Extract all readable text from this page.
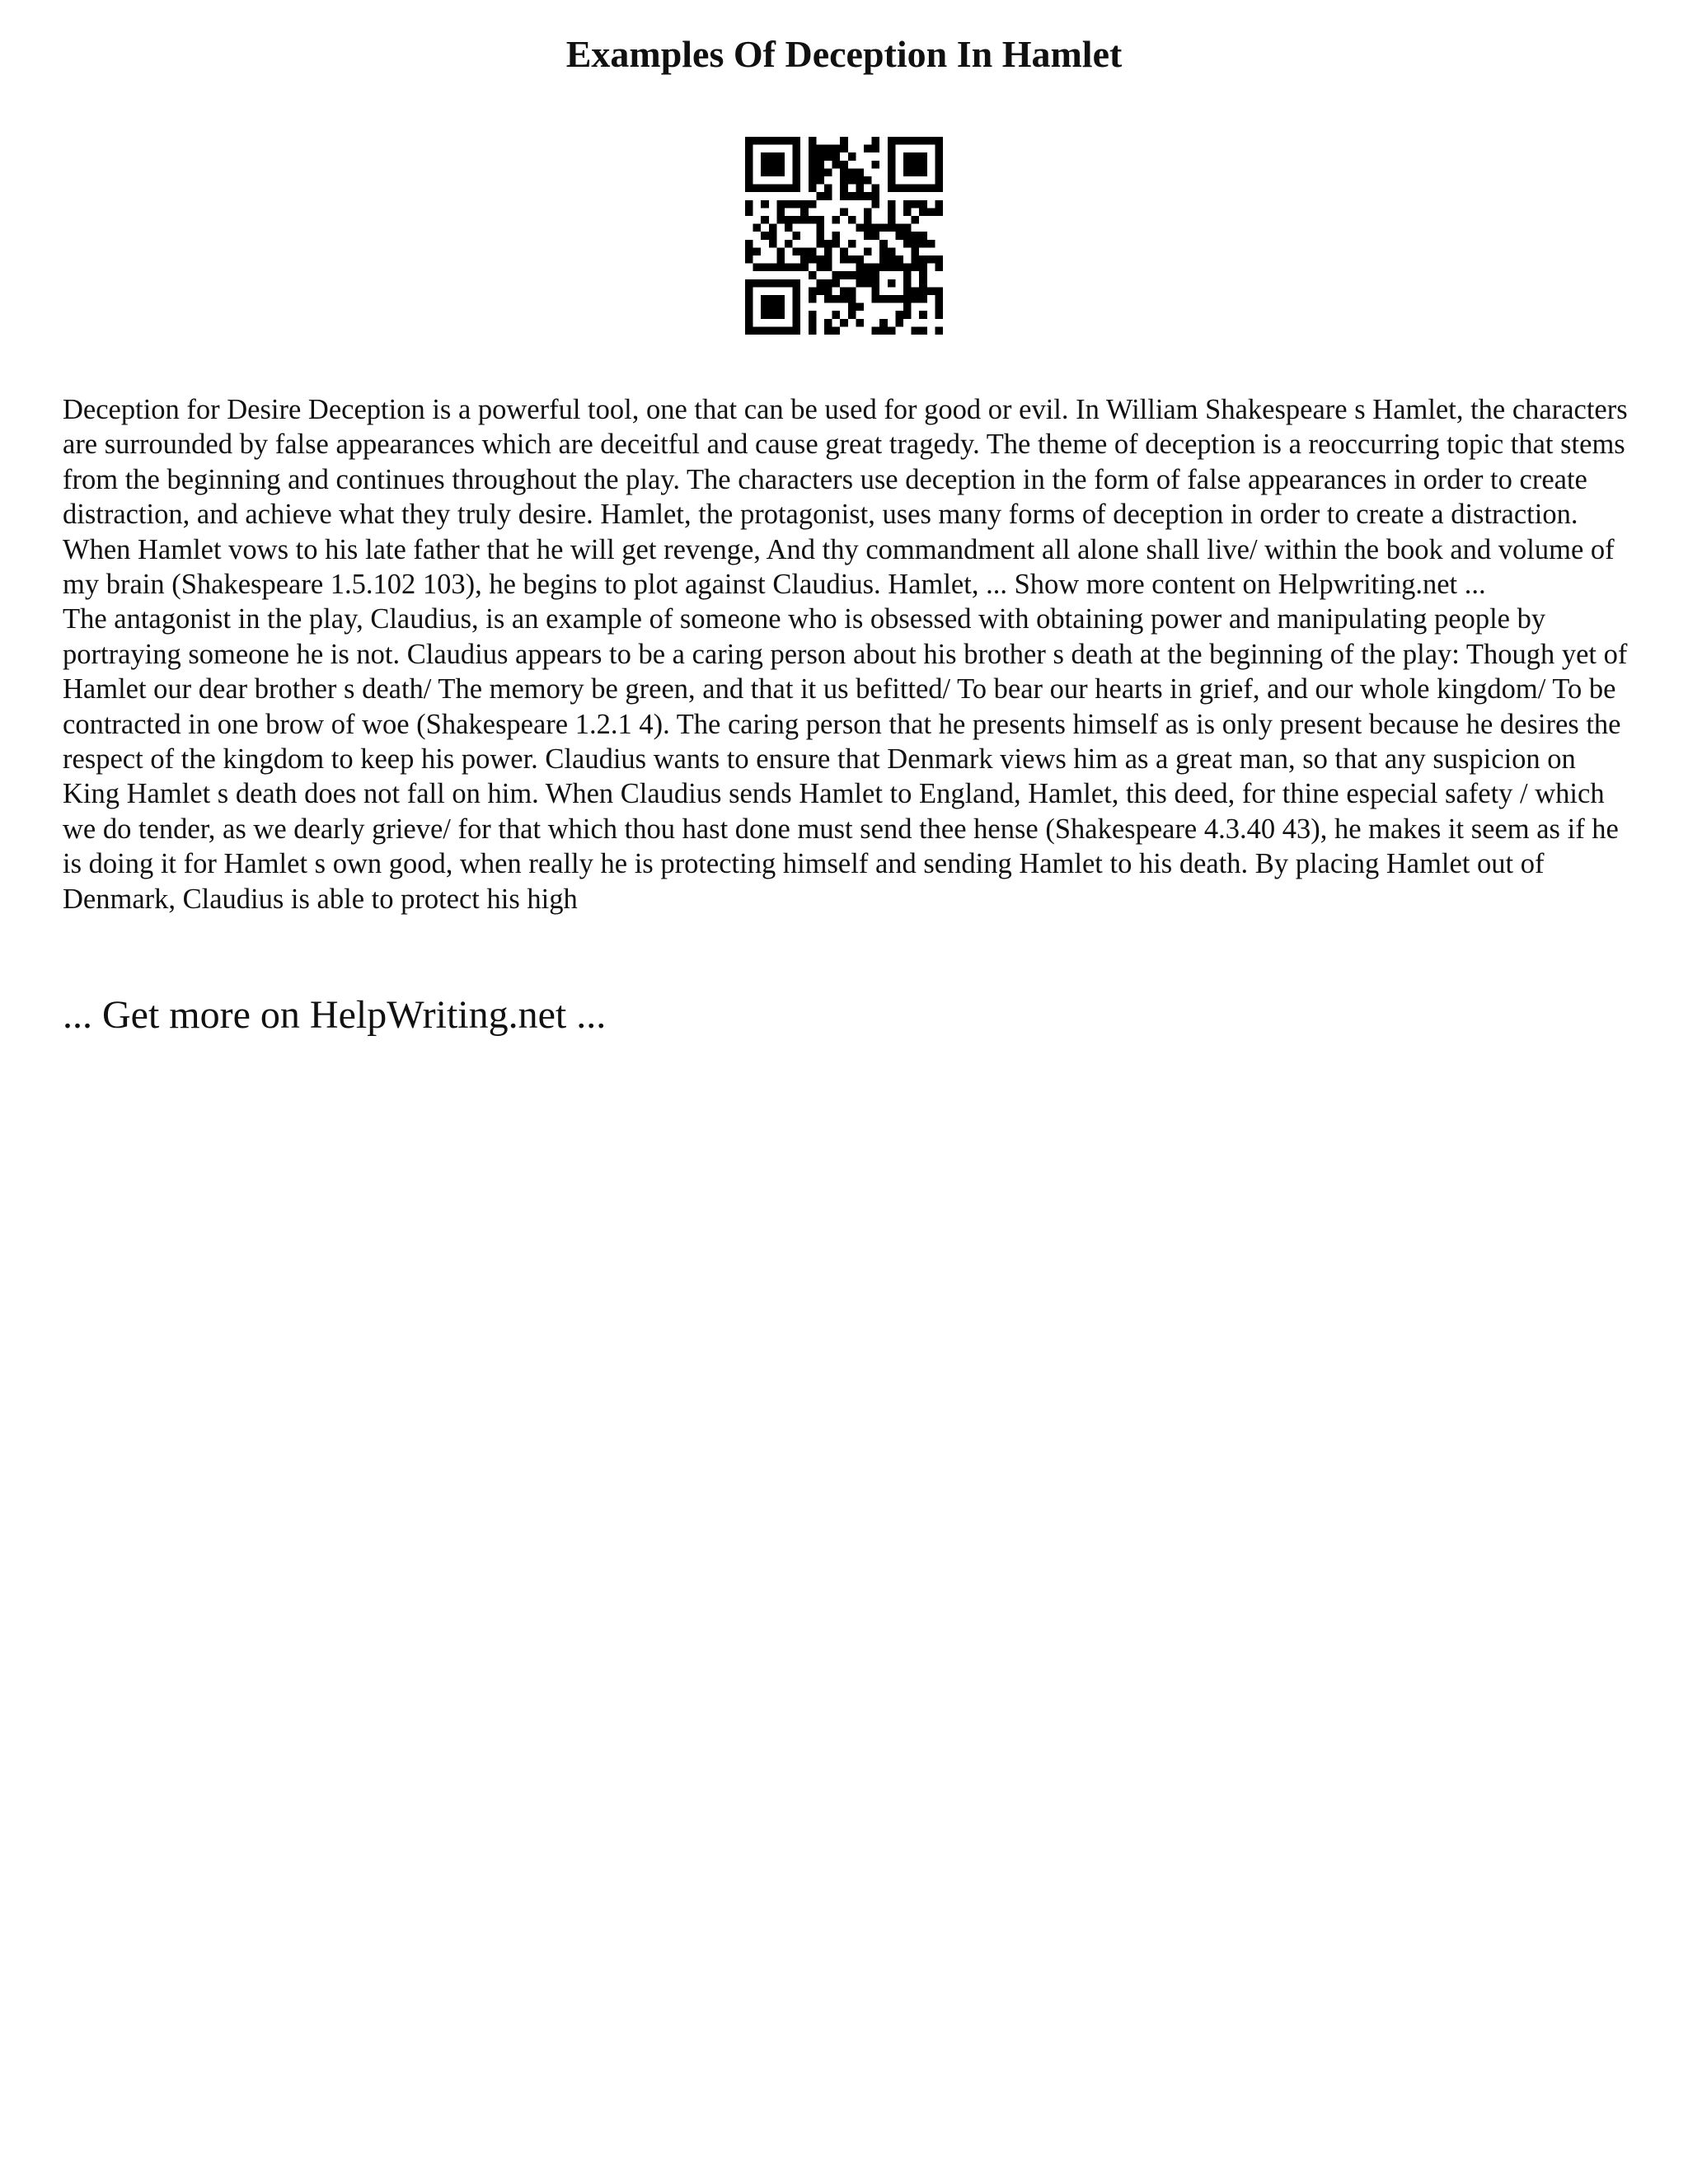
Examples Of Deception In Hamlet

Deception for Desire Deception is a powerful tool, one that can be used for good or evil. In William Shakespeare s Hamlet, the characters are surrounded by false appearances which are deceitful and cause great tragedy. The theme of deception is a reoccurring topic that stems from the beginning and continues throughout the play. The characters use deception in the form of false appearances in order to create distraction, and achieve what they truly desire. Hamlet, the protagonist, uses many forms of deception in order to create a distraction. When Hamlet vows to his late father that he will get revenge, And thy commandment all alone shall live/ within the book and volume of my brain (Shakespeare 1.5.102 103), he begins to plot against Claudius. Hamlet, ... Show more content on Helpwriting.net ...

The antagonist in the play, Claudius, is an example of someone who is obsessed with obtaining power and manipulating people by portraying someone he is not. Claudius appears to be a caring person about his brother s death at the beginning of the play: Though yet of Hamlet our dear brother s death/ The memory be green, and that it us befitted/ To bear our hearts in grief, and our whole kingdom/ To be contracted in one brow of woe (Shakespeare 1.2.1 4). The caring person that he presents himself as is only present because he desires the respect of the kingdom to keep his power. Claudius wants to ensure that Denmark views him as a great man, so that any suspicion on King Hamlet s death does not fall on him. When Claudius sends Hamlet to England, Hamlet, this deed, for thine especial safety / which we do tender, as we dearly grieve/ for that which thou hast done must send thee hense (Shakespeare 4.3.40 43), he makes it seem as if he is doing it for Hamlet s own good, when really he is protecting himself and sending Hamlet to his death. By placing Hamlet out of Denmark, Claudius is able to protect his high

... Get more on HelpWriting.net ...
